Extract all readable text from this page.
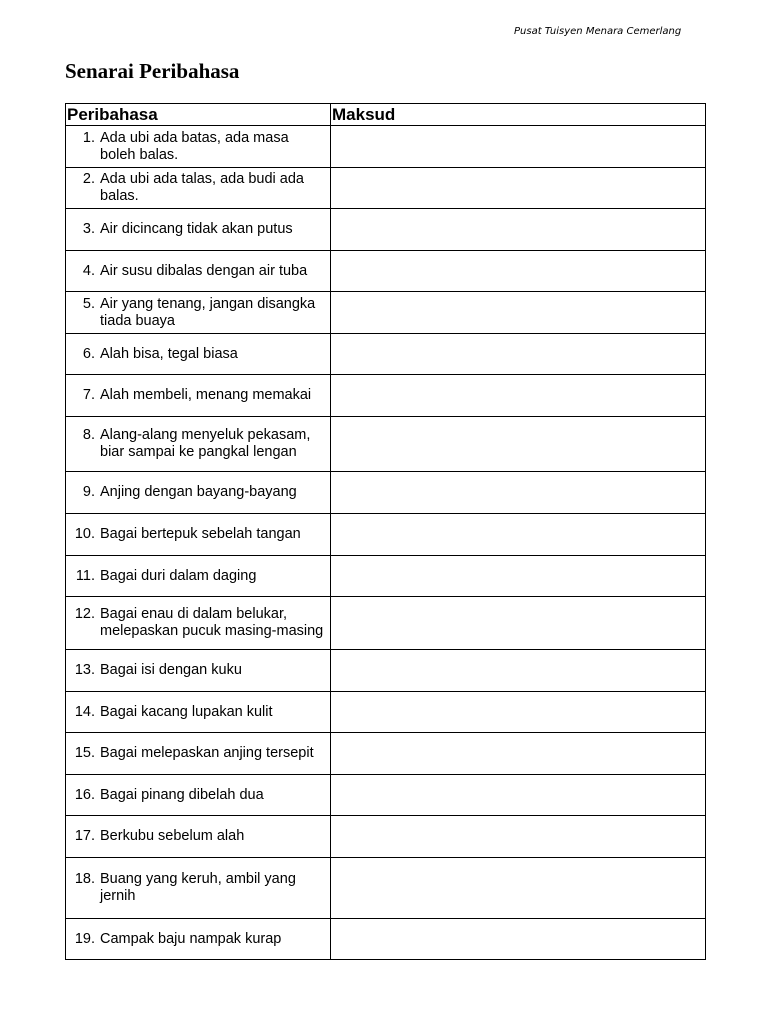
Pusat Tuisyen Menara Cemerlang
Senarai Peribahasa
Peribahasa	Maksud

1. Ada ubi ada batas, ada masa boleh balas.	

2. Ada ubi ada talas, ada budi ada balas.	

3. Air dicincang tidak akan putus	

4. Air susu dibalas dengan air tuba	

5. Air yang tenang, jangan disangka tiada buaya	

6. Alah bisa, tegal biasa	

7. Alah membeli, menang memakai	

8. Alang-alang menyeluk pekasam, biar sampai ke pangkal lengan	

9. Anjing dengan bayang-bayang	

10. Bagai bertepuk sebelah tangan	

11. Bagai duri dalam daging	

12. Bagai enau di dalam belukar, melepaskan pucuk masing-masing	

13. Bagai isi dengan kuku	

14. Bagai kacang lupakan kulit	

15. Bagai melepaskan anjing tersepit	

16. Bagai pinang dibelah dua	

17. Berkubu sebelum alah	

18. Buang yang keruh, ambil yang jernih	

19. Campak baju nampak kurap	
